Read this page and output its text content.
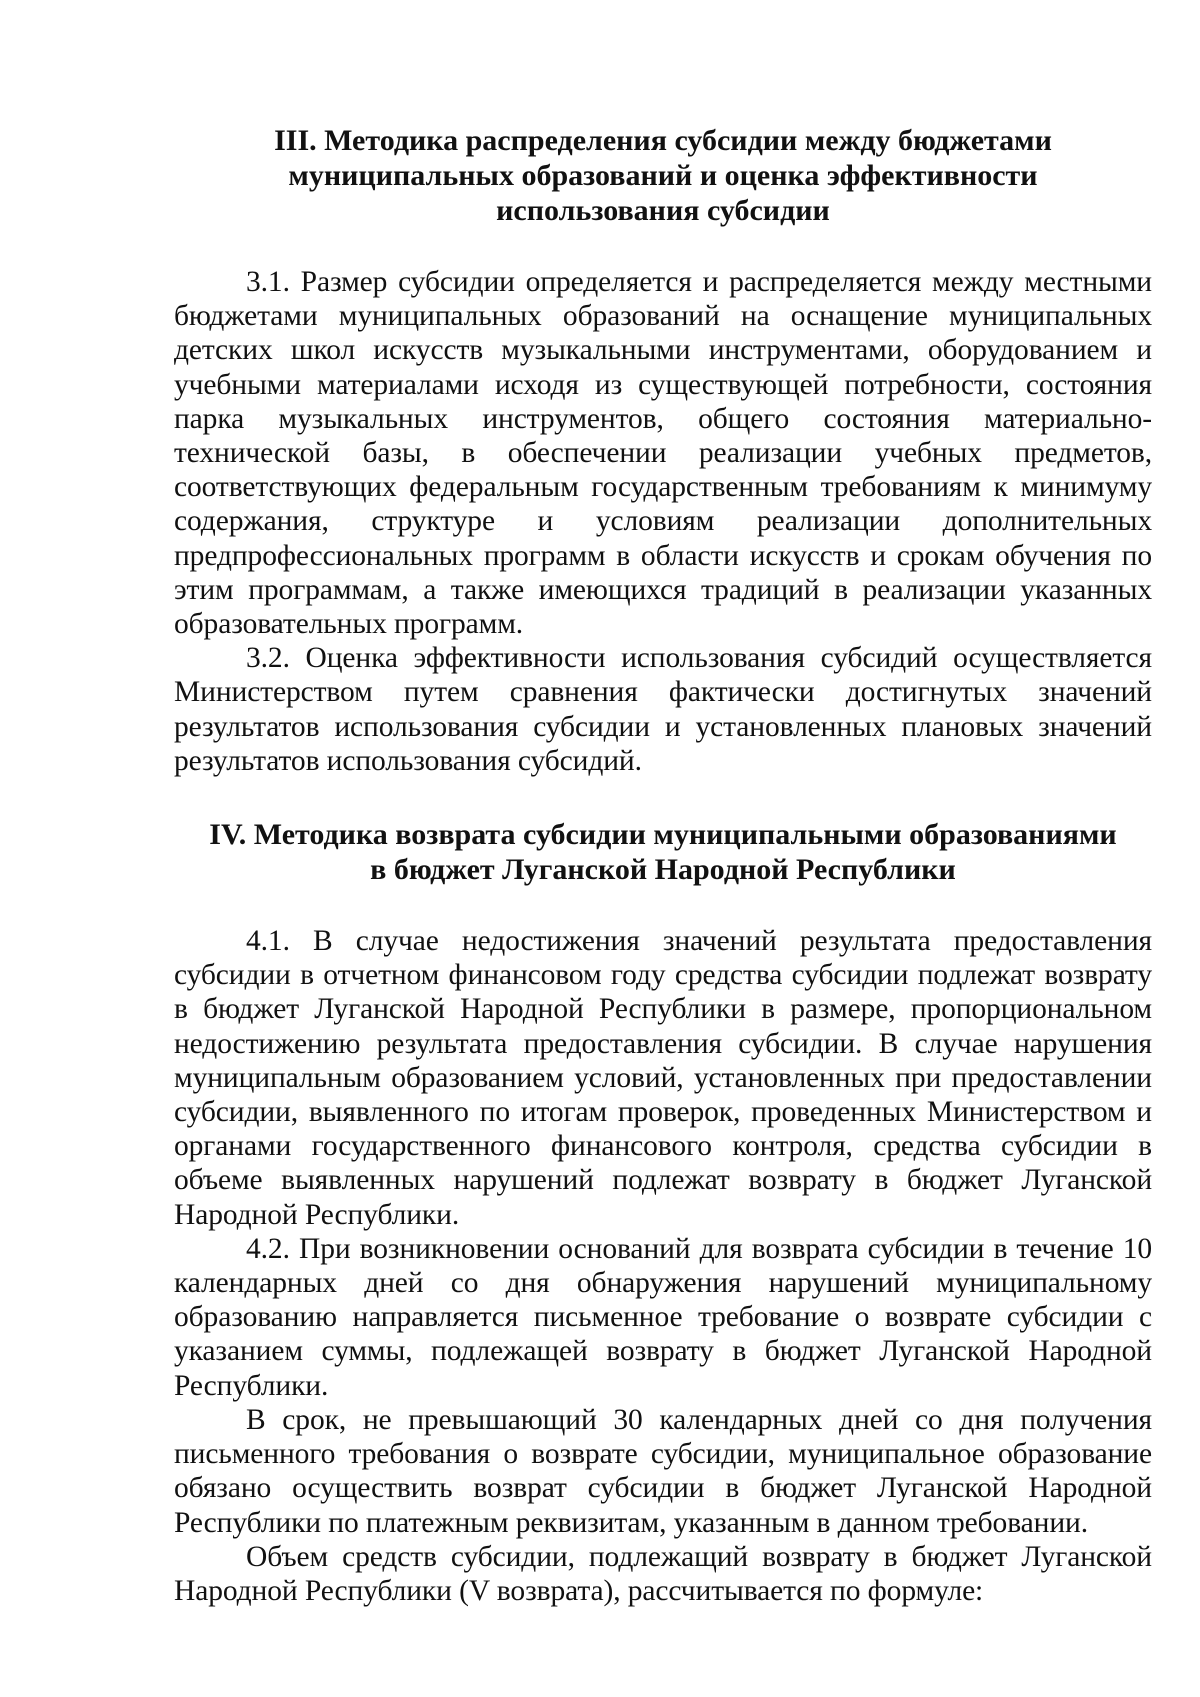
III. Методика распределения субсидии между бюджетами
муниципальных образований и оценка эффективности
использования субсидии

3.1. Размер субсидии определяется и распределяется между местными бюджетами муниципальных образований на оснащение муниципальных детских школ искусств музыкальными инструментами, оборудованием и учебными материалами исходя из существующей потребности, состояния парка музыкальных инструментов, общего состояния материально-технической базы, в обеспечении реализации учебных предметов, соответствующих федеральным государственным требованиям к минимуму содержания, структуре и условиям реализации дополнительных предпрофессиональных программ в области искусств и срокам обучения по этим программам, а также имеющихся традиций в реализации указанных образовательных программ.

3.2. Оценка эффективности использования субсидий осуществляется Министерством путем сравнения фактически достигнутых значений результатов использования субсидии и установленных плановых значений результатов использования субсидий.

IV. Методика возврата субсидии муниципальными образованиями
в бюджет Луганской Народной Республики

4.1. В случае недостижения значений результата предоставления субсидии в отчетном финансовом году средства субсидии подлежат возврату в бюджет Луганской Народной Республики в размере, пропорциональном недостижению результата предоставления субсидии. В случае нарушения муниципальным образованием условий, установленных при предоставлении субсидии, выявленного по итогам проверок, проведенных Министерством и органами государственного финансового контроля, средства субсидии в объеме выявленных нарушений подлежат возврату в бюджет Луганской Народной Республики.

4.2. При возникновении оснований для возврата субсидии в течение 10 календарных дней со дня обнаружения нарушений муниципальному образованию направляется письменное требование о возврате субсидии с указанием суммы, подлежащей возврату в бюджет Луганской Народной Республики.

В срок, не превышающий 30 календарных дней со дня получения письменного требования о возврате субсидии, муниципальное образование обязано осуществить возврат субсидии в бюджет Луганской Народной Республики по платежным реквизитам, указанным в данном требовании.

Объем средств субсидии, подлежащий возврату в бюджет Луганской Народной Республики (V возврата), рассчитывается по формуле:
